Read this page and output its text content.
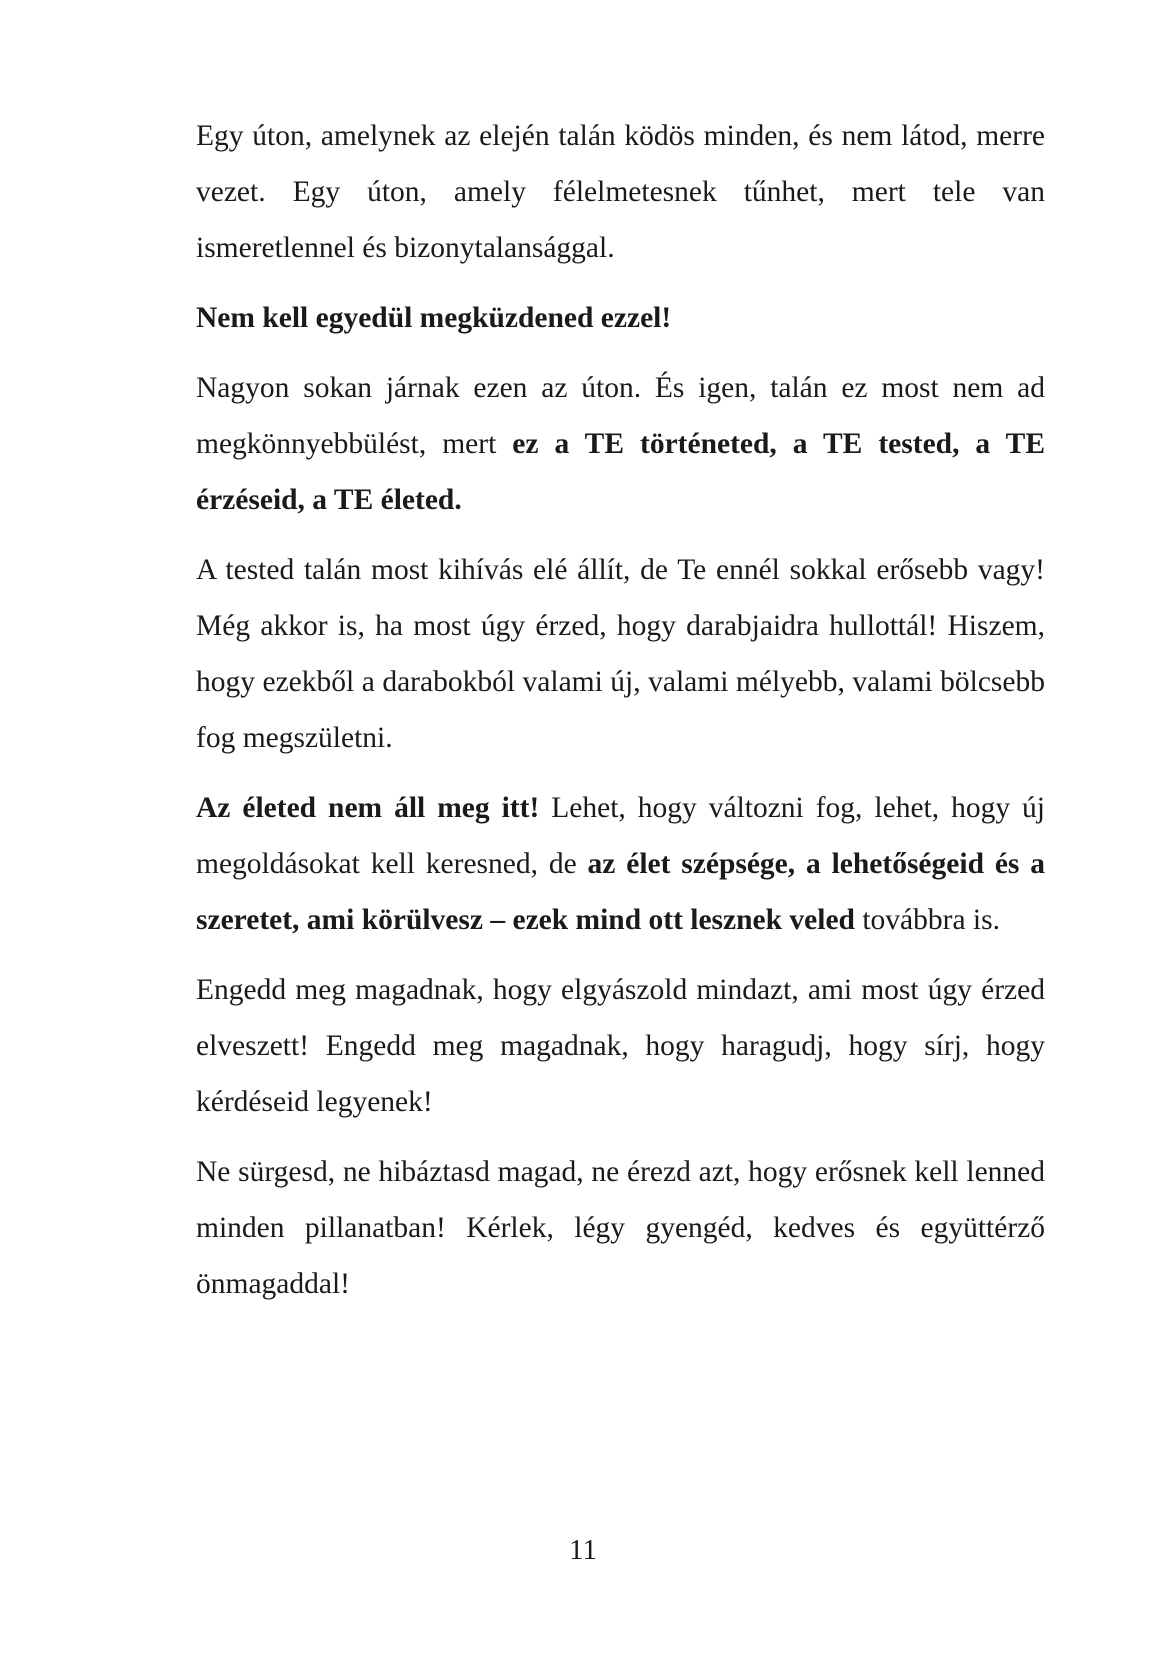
Egy úton, amelynek az elején talán ködös minden, és nem látod, merre vezet. Egy úton, amely félelmetesnek tűnhet, mert tele van ismeretlennel és bizonytalansággal.

Nem kell egyedül megküzdened ezzel!

Nagyon sokan járnak ezen az úton. És igen, talán ez most nem ad megkönnyebbülést, mert ez a TE történeted, a TE tested, a TE érzéseid, a TE életed.

A tested talán most kihívás elé állít, de Te ennél sokkal erősebb vagy! Még akkor is, ha most úgy érzed, hogy darabjaidra hullottál! Hiszem, hogy ezekből a darabokból valami új, valami mélyebb, valami bölcsebb fog megszületni.

Az életed nem áll meg itt! Lehet, hogy változni fog, lehet, hogy új megoldásokat kell keresned, de az élet szépsége, a lehetőségeid és a szeretet, ami körülvesz – ezek mind ott lesznek veled továbbra is.

Engedd meg magadnak, hogy elgyászold mindazt, ami most úgy érzed elveszett! Engedd meg magadnak, hogy haragudj, hogy sírj, hogy kérdéseid legyenek!

Ne sürgesd, ne hibáztasd magad, ne érezd azt, hogy erősnek kell lenned minden pillanatban! Kérlek, légy gyengéd, kedves és együttérző önmagaddal!

11
